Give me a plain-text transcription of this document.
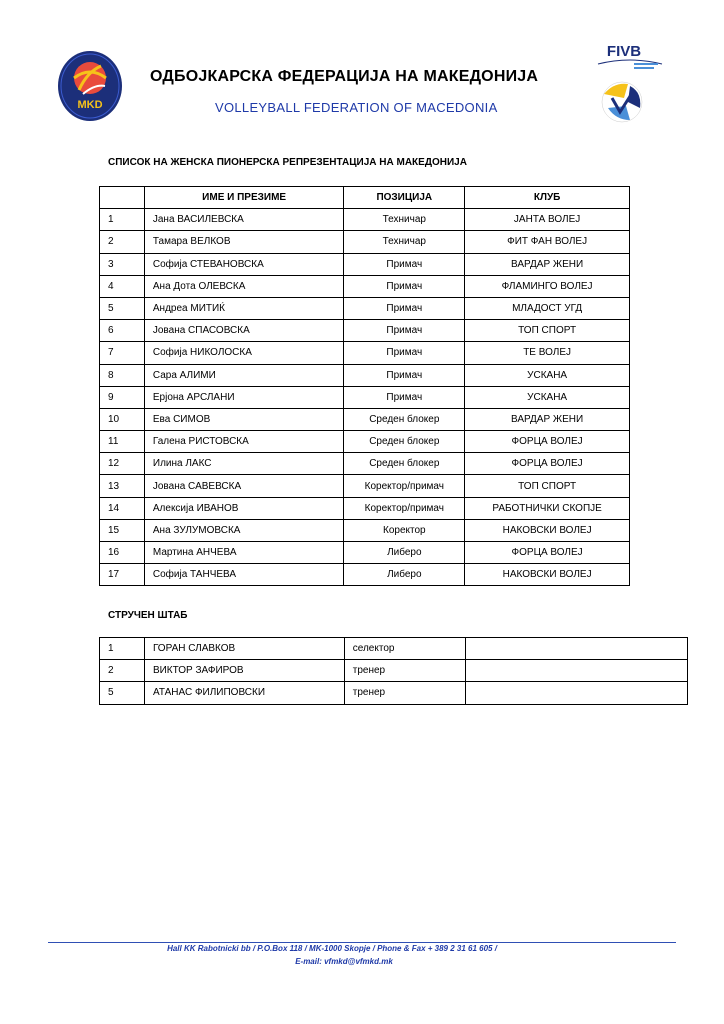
MKD
ОДБОЈКАРСКА ФЕДЕРАЦИЈА НА МАКЕДОНИЈА
VOLLEYBALL FEDERATION OF MACEDONIA
FIVB
СПИСОК НА ЖЕНСКА ПИОНЕРСКА РЕПРЕЗЕНТАЦИЈА НА МАКЕДОНИЈА
	ИМЕ И ПРЕЗИМЕ	ПОЗИЦИЈА	КЛУБ
1	Јана ВАСИЛЕВСКА	Техничар	ЈАНТА ВОЛЕЈ
2	Тамара ВЕЛКОВ	Техничар	ФИТ ФАН ВОЛЕЈ
3	Софија СТЕВАНОВСКА	Примач	ВАРДАР ЖЕНИ
4	Ана Дота ОЛЕВСКА	Примач	ФЛАМИНГО ВОЛЕЈ
5	Андреа МИТИЌ	Примач	МЛАДОСТ УГД
6	Јована СПАСОВСКА	Примач	ТОП СПОРТ
7	Софија НИКОЛОСКА	Примач	ТЕ ВОЛЕЈ
8	Сара АЛИМИ	Примач	УСКАНА
9	Ерјона АРСЛАНИ	Примач	УСКАНА
10	Ева СИМОВ	Среден блокер	ВАРДАР ЖЕНИ
11	Галена РИСТОВСКА	Среден блокер	ФОРЦА ВОЛЕЈ
12	Илина ЛАКС	Среден блокер	ФОРЦА ВОЛЕЈ
13	Јована САВЕВСКА	Коректор/примач	ТОП СПОРТ
14	Алексија ИВАНОВ	Коректор/примач	РАБОТНИЧКИ СКОПЈЕ
15	Ана ЗУЛУМОВСКА	Коректор	НАКОВСКИ ВОЛЕЈ
16	Мартина АНЧЕВА	Либеро	ФОРЦА ВОЛЕЈ
17	Софија ТАНЧЕВА	Либеро	НАКОВСКИ ВОЛЕЈ
СТРУЧЕН ШТАБ
1	ГОРАН СЛАВКОВ	селектор	
2	ВИКТОР ЗАФИРОВ	тренер	
5	АТАНАС ФИЛИПОВСКИ	тренер	
Hall KK Rabotnicki bb / P.O.Box 118 / MK-1000 Skopje / Phone & Fax + 389 2 31 61 605 /
E-mail: vfmkd@vfmkd.mk
